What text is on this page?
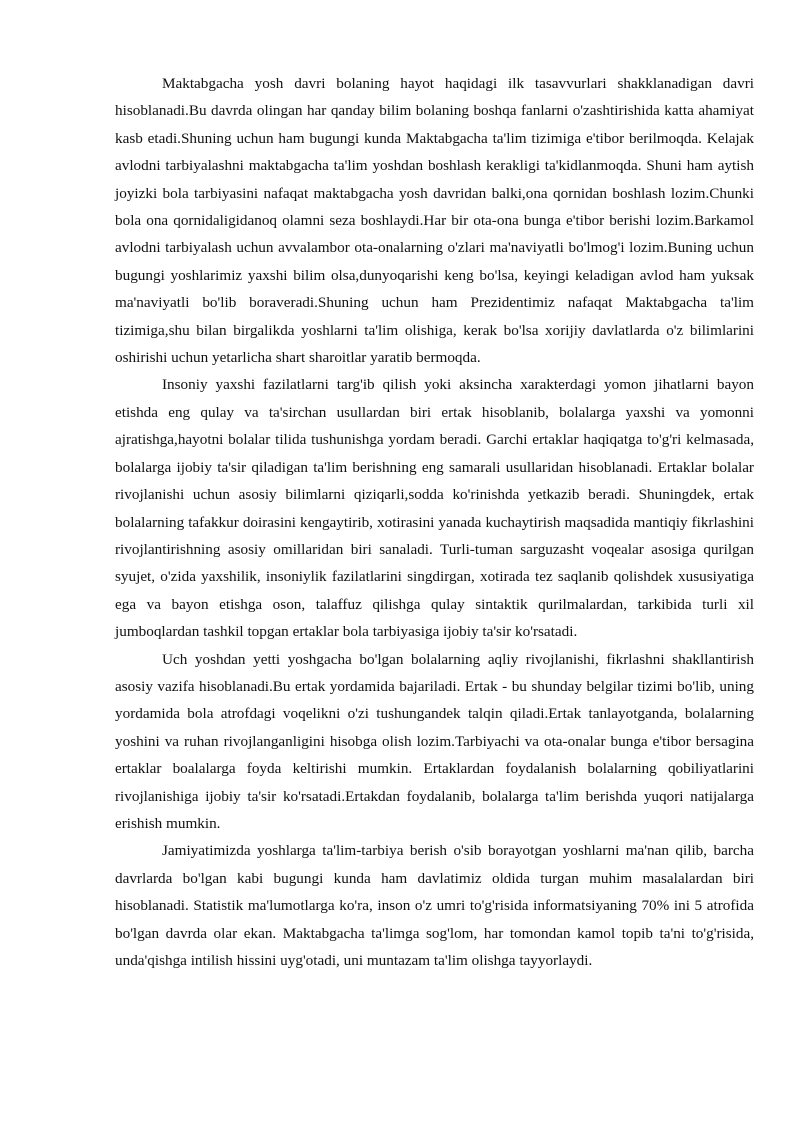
Maktabgacha yosh davri bolaning hayot haqidagi ilk tasavvurlari shakklanadigan davri hisoblanadi.Bu davrda olingan har qanday bilim bolaning boshqa fanlarni o'zashtirishida katta ahamiyat kasb etadi.Shuning uchun ham bugungi kunda Maktabgacha ta'lim tizimiga e'tibor berilmoqda. Kelajak avlodni tarbiyalashni maktabgacha ta'lim yoshdan boshlash kerakligi ta'kidlanmoqda. Shuni ham aytish joyizki bola tarbiyasini nafaqat maktabgacha yosh davridan balki,ona qornidan boshlash lozim.Chunki bola ona qornidaligidanoq olamni seza boshlaydi.Har bir ota-ona bunga e'tibor berishi lozim.Barkamol avlodni tarbiyalash uchun avvalambor ota-onalarning o'zlari ma'naviyatli bo'lmog'i lozim.Buning uchun bugungi yoshlarimiz yaxshi bilim olsa,dunyoqarishi keng bo'lsa, keyingi keladigan avlod ham yuksak ma'naviyatli bo'lib boraveradi.Shuning uchun ham Prezidentimiz nafaqat Maktabgacha ta'lim tizimiga,shu bilan birgalikda yoshlarni ta'lim olishiga, kerak bo'lsa xorijiy davlatlarda o'z bilimlarini oshirishi uchun yetarlicha shart sharoitlar yaratib bermoqda.

Insoniy yaxshi fazilatlarni targ'ib qilish yoki aksincha xarakterdagi yomon jihatlarni bayon etishda eng qulay va ta'sirchan usullardan biri ertak hisoblanib, bolalarga yaxshi va yomonni ajratishga,hayotni bolalar tilida tushunishga yordam beradi. Garchi ertaklar haqiqatga to'g'ri kelmasada, bolalarga ijobiy ta'sir qiladigan ta'lim berishning eng samarali usullaridan hisoblanadi. Ertaklar bolalar rivojlanishi uchun asosiy bilimlarni qiziqarli,sodda ko'rinishda yetkazib beradi. Shuningdek, ertak bolalarning tafakkur doirasini kengaytirib, xotirasini yanada kuchaytirish maqsadida mantiqiy fikrlashini rivojlantirishning asosiy omillaridan biri sanaladi. Turli-tuman sarguzasht voqealar asosiga qurilgan syujet, o'zida yaxshilik, insoniylik fazilatlarini singdirgan, xotirada tez saqlanib qolishdek xususiyatiga ega va bayon etishga oson, talaffuz qilishga qulay sintaktik qurilmalardan, tarkibida turli xil jumboqlardan tashkil topgan ertaklar bola tarbiyasiga ijobiy ta'sir ko'rsatadi.

Uch yoshdan yetti yoshgacha bo'lgan bolalarning aqliy rivojlanishi, fikrlashni shakllantirish asosiy vazifa hisoblanadi.Bu ertak yordamida bajariladi. Ertak - bu shunday belgilar tizimi bo'lib, uning yordamida bola atrofdagi voqelikni o'zi tushungandek talqin qiladi.Ertak tanlayotganda, bolalarning yoshini va ruhan rivojlanganligini hisobga olish lozim.Tarbiyachi va ota-onalar bunga e'tibor bersagina ertaklar boalalarga foyda keltirishi mumkin. Ertaklardan foydalanish bolalarning qobiliyatlarini rivojlanishiga ijobiy ta'sir ko'rsatadi.Ertakdan foydalanib, bolalarga ta'lim berishda yuqori natijalarga erishish mumkin.

Jamiyatimizda yoshlarga ta'lim-tarbiya berish o'sib borayotgan yoshlarni ma'nan qilib, barcha davrlarda bo'lgan kabi bugungi kunda ham davlatimiz oldida turgan muhim masalalardan biri hisoblanadi. Statistik ma'lumotlarga ko'ra, inson o'z umri to'g'risida informatsiyaning 70% ini 5 atrofida bo'lgan davrda olar ekan. Maktabgacha ta'limga sog'lom, har tomondan kamol topib ta'ni to'g'risida, unda'qishga intilish hissini uyg'otadi, uni muntazam ta'lim olishga tayyorlaydi.
